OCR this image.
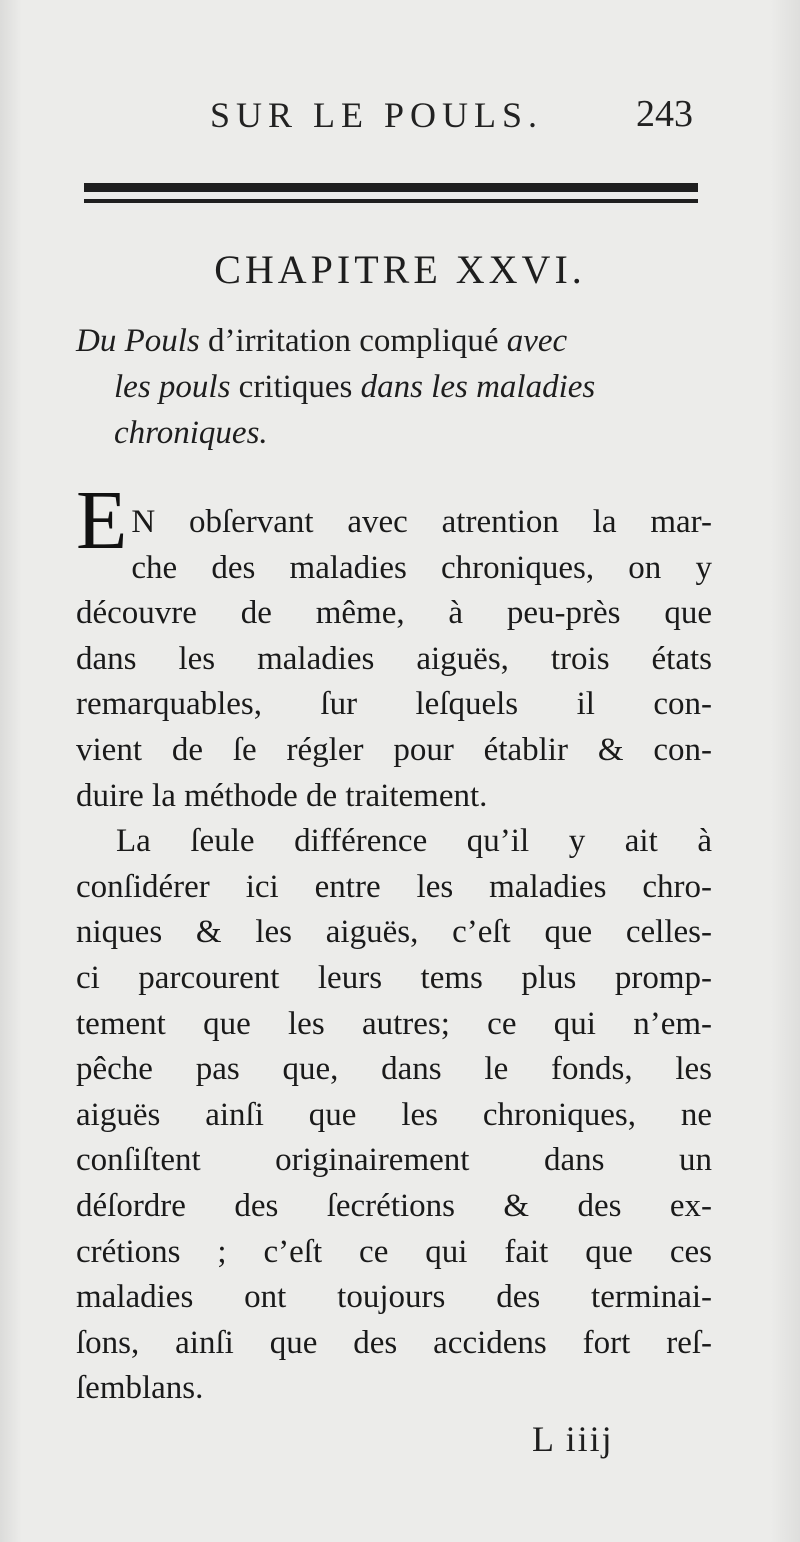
SUR LE POULS. 243
CHAPITRE XXVI.
Du Pouls d’irritation compliqué avec
les pouls critiques dans les maladies
chroniques.
E N obſervant avec atrention la mar-
che des maladies chroniques, on y
découvre de même, à peu-près que
dans les maladies aiguës, trois états
remarquables, ſur leſquels il con-
vient de ſe régler pour établir & con-
duire la méthode de traitement.
La ſeule différence qu’il y ait à
conſidérer ici entre les maladies chro-
niques & les aiguës, c’eſt que celles-
ci parcourent leurs tems plus promp-
tement que les autres; ce qui n’em-
pêche pas que, dans le fonds, les
aiguës ainſi que les chroniques, ne
conſiſtent originairement dans un
déſordre des ſecrétions & des ex-
crétions ; c’eſt ce qui fait que ces
maladies ont toujours des terminai-
ſons, ainſi que des accidens fort reſ-
ſemblans.
L iiij
